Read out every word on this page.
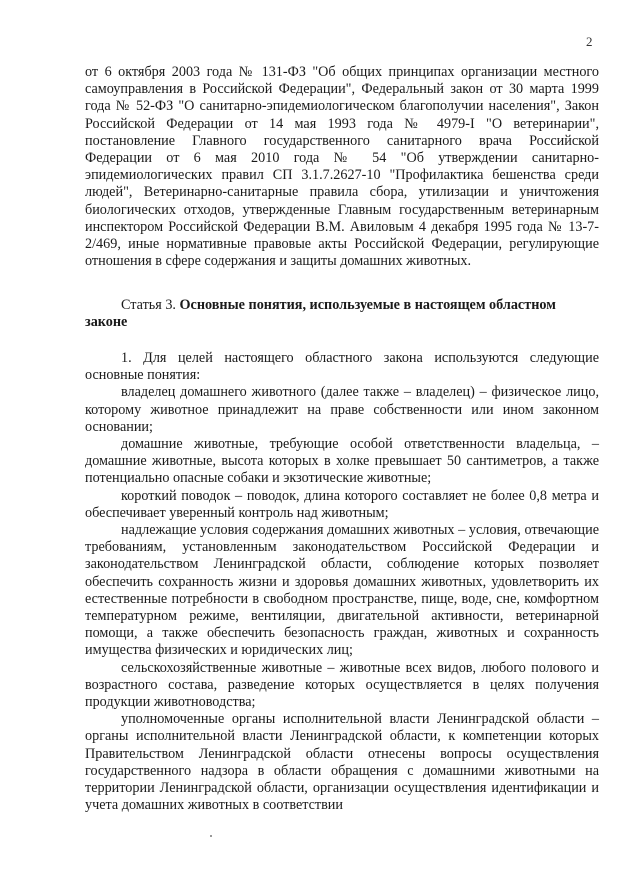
2

от 6 октября 2003 года № 131-ФЗ "Об общих принципах организации местного самоуправления в Российской Федерации", Федеральный закон от 30 марта 1999 года № 52-ФЗ "О санитарно-эпидемиологическом благополучии населения", Закон Российской Федерации от 14 мая 1993 года № 4979-I "О ветеринарии", постановление Главного государственного санитарного врача Российской Федерации от 6 мая 2010 года № 54 "Об утверждении санитарно-эпидемиологических правил СП 3.1.7.2627-10 "Профилактика бешенства среди людей", Ветеринарно-санитарные правила сбора, утилизации и уничтожения биологических отходов, утвержденные Главным государственным ветеринарным инспектором Российской Федерации В.М. Авиловым 4 декабря 1995 года № 13-7-2/469, иные нормативные правовые акты Российской Федерации, регулирующие отношения в сфере содержания и защиты домашних животных.

Статья 3. Основные понятия, используемые в настоящем областном законе

1. Для целей настоящего областного закона используются следующие основные понятия:

владелец домашнего животного (далее также – владелец) – физическое лицо, которому животное принадлежит на праве собственности или ином законном основании;

домашние животные, требующие особой ответственности владельца, – домашние животные, высота которых в холке превышает 50 сантиметров, а также потенциально опасные собаки и экзотические животные;

короткий поводок – поводок, длина которого составляет не более 0,8 метра и обеспечивает уверенный контроль над животным;

надлежащие условия содержания домашних животных – условия, отвечающие требованиям, установленным законодательством Российской Федерации и законодательством Ленинградской области, соблюдение которых позволяет обеспечить сохранность жизни и здоровья домашних животных, удовлетворить их естественные потребности в свободном пространстве, пище, воде, сне, комфортном температурном режиме, вентиляции, двигательной активности, ветеринарной помощи, а также обеспечить безопасность граждан, животных и сохранность имущества физических и юридических лиц;

сельскохозяйственные животные – животные всех видов, любого полового и возрастного состава, разведение которых осуществляется в целях получения продукции животноводства;

уполномоченные органы исполнительной власти Ленинградской области – органы исполнительной власти Ленинградской области, к компетенции которых Правительством Ленинградской области отнесены вопросы осуществления государственного надзора в области обращения с домашними животными на территории Ленинградской области, организации осуществления идентификации и учета домашних животных в соответствии
